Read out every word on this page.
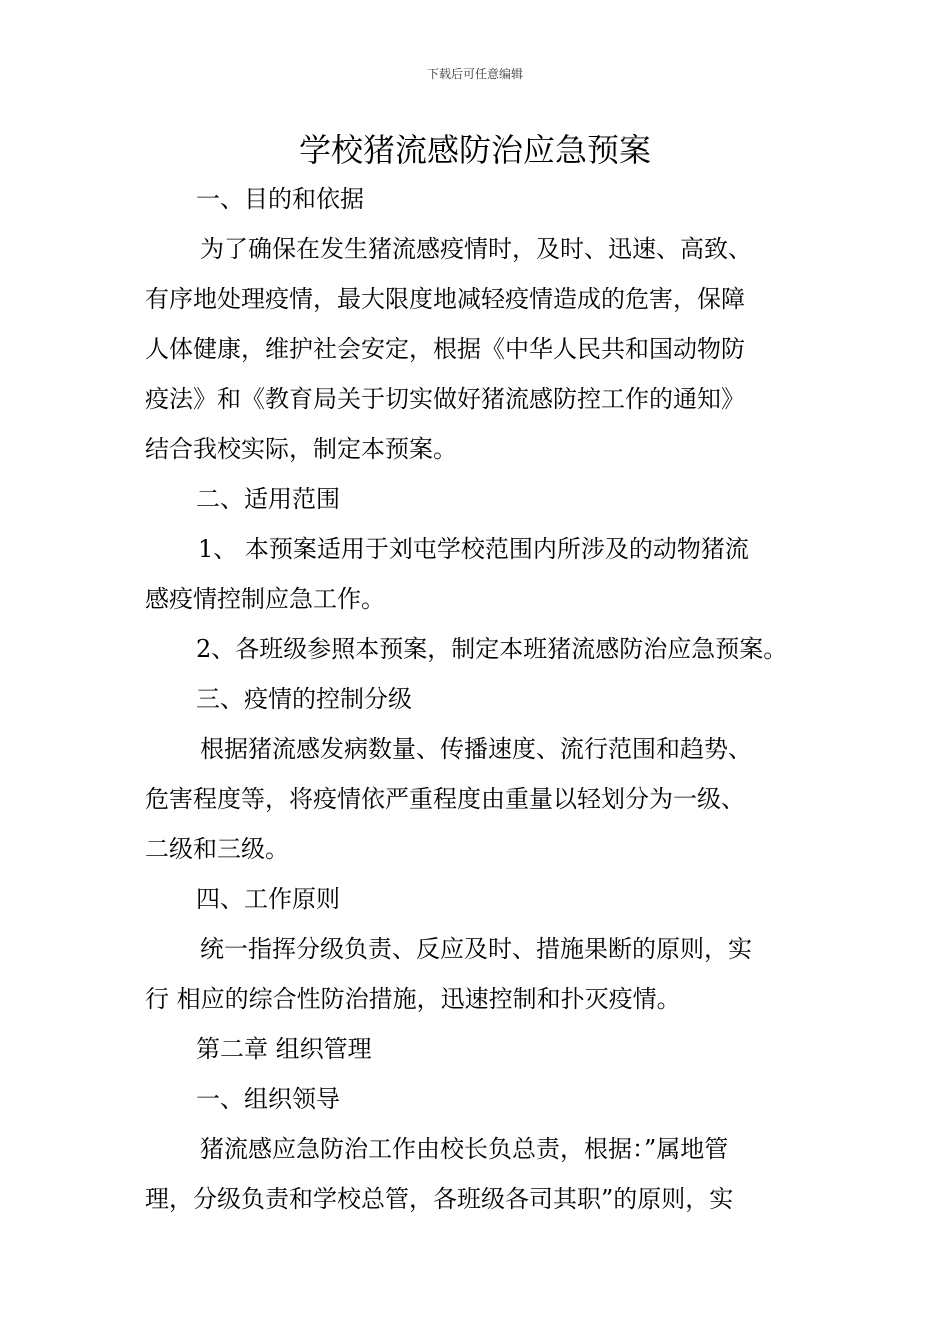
下载后可任意编辑
学校猪流感防治应急预案
一、目的和依据
为了确保在发生猪流感疫情时，及时、迅速、高致、
有序地处理疫情，最大限度地减轻疫情造成的危害，保障
人体健康，维护社会安定，根据《中华人民共和国动物防
疫法》和《教育局关于切实做好猪流感防控工作的通知》
结合我校实际，制定本预案。
二、适用范围
1、 本预案适用于刘屯学校范围内所涉及的动物猪流
感疫情控制应急工作。
2、各班级参照本预案，制定本班猪流感防治应急预案。
三、疫情的控制分级
根据猪流感发病数量、传播速度、流行范围和趋势、
危害程度等，将疫情依严重程度由重量以轻划分为一级、
二级和三级。
四、工作原则
统一指挥分级负责、反应及时、措施果断的原则，实
行 相应的综合性防治措施，迅速控制和扑灭疫情。
第二章 组织管理
一、组织领导
猪流感应急防治工作由校长负总责，根据：”属地管
理，分级负责和学校总管，各班级各司其职”的原则，实
